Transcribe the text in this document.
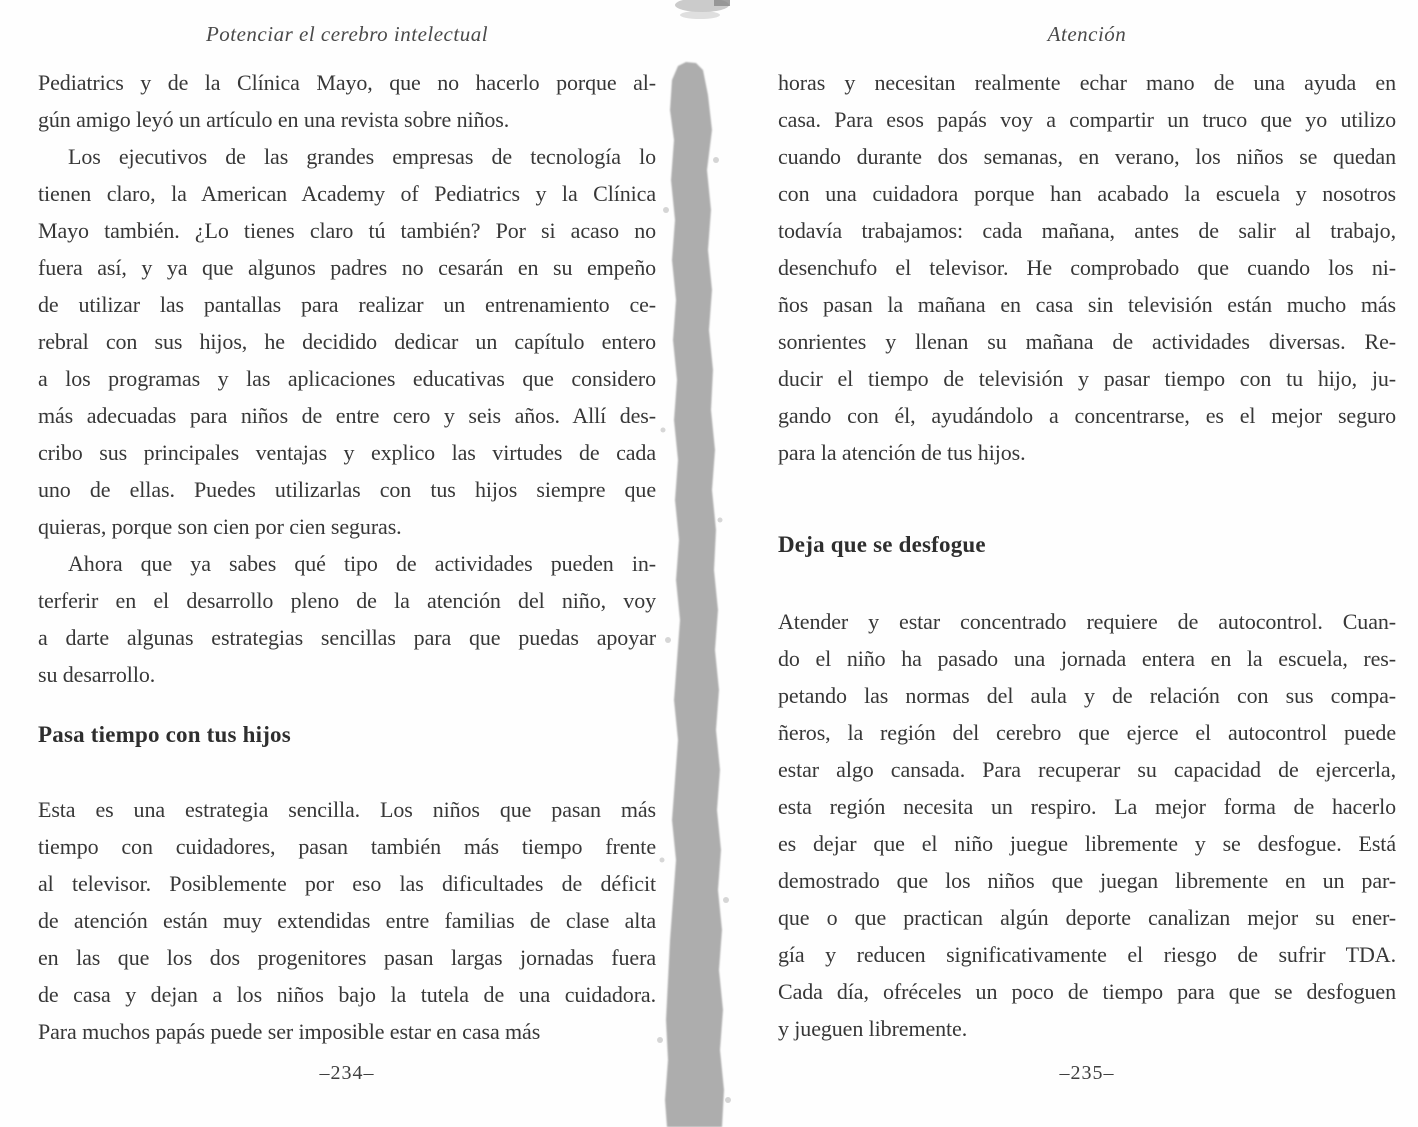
Potenciar el cerebro intelectual
Pediatrics y de la Clínica Mayo, que no hacerlo porque al-
gún amigo leyó un artículo en una revista sobre niños.
Los ejecutivos de las grandes empresas de tecnología lo
tienen claro, la American Academy of Pediatrics y la Clínica
Mayo también. ¿Lo tienes claro tú también? Por si acaso no
fuera así, y ya que algunos padres no cesarán en su empeño
de utilizar las pantallas para realizar un entrenamiento ce-
rebral con sus hijos, he decidido dedicar un capítulo entero
a los programas y las aplicaciones educativas que considero
más adecuadas para niños de entre cero y seis años. Allí des-
cribo sus principales ventajas y explico las virtudes de cada
uno de ellas. Puedes utilizarlas con tus hijos siempre que
quieras, porque son cien por cien seguras.
Ahora que ya sabes qué tipo de actividades pueden in-
terferir en el desarrollo pleno de la atención del niño, voy
a darte algunas estrategias sencillas para que puedas apoyar
su desarrollo.
Pasa tiempo con tus hijos
Esta es una estrategia sencilla. Los niños que pasan más
tiempo con cuidadores, pasan también más tiempo frente
al televisor. Posiblemente por eso las dificultades de déficit
de atención están muy extendidas entre familias de clase alta
en las que los dos progenitores pasan largas jornadas fuera
de casa y dejan a los niños bajo la tutela de una cuidadora.
Para muchos papás puede ser imposible estar en casa más
–234–
Atención
horas y necesitan realmente echar mano de una ayuda en
casa. Para esos papás voy a compartir un truco que yo utilizo
cuando durante dos semanas, en verano, los niños se quedan
con una cuidadora porque han acabado la escuela y nosotros
todavía trabajamos: cada mañana, antes de salir al trabajo,
desenchufo el televisor. He comprobado que cuando los ni-
ños pasan la mañana en casa sin televisión están mucho más
sonrientes y llenan su mañana de actividades diversas. Re-
ducir el tiempo de televisión y pasar tiempo con tu hijo, ju-
gando con él, ayudándolo a concentrarse, es el mejor seguro
para la atención de tus hijos.
Deja que se desfogue
Atender y estar concentrado requiere de autocontrol. Cuan-
do el niño ha pasado una jornada entera en la escuela, res-
petando las normas del aula y de relación con sus compa-
ñeros, la región del cerebro que ejerce el autocontrol puede
estar algo cansada. Para recuperar su capacidad de ejercerla,
esta región necesita un respiro. La mejor forma de hacerlo
es dejar que el niño juegue libremente y se desfogue. Está
demostrado que los niños que juegan libremente en un par-
que o que practican algún deporte canalizan mejor su ener-
gía y reducen significativamente el riesgo de sufrir TDA.
Cada día, ofréceles un poco de tiempo para que se desfoguen
y jueguen libremente.
–235–
